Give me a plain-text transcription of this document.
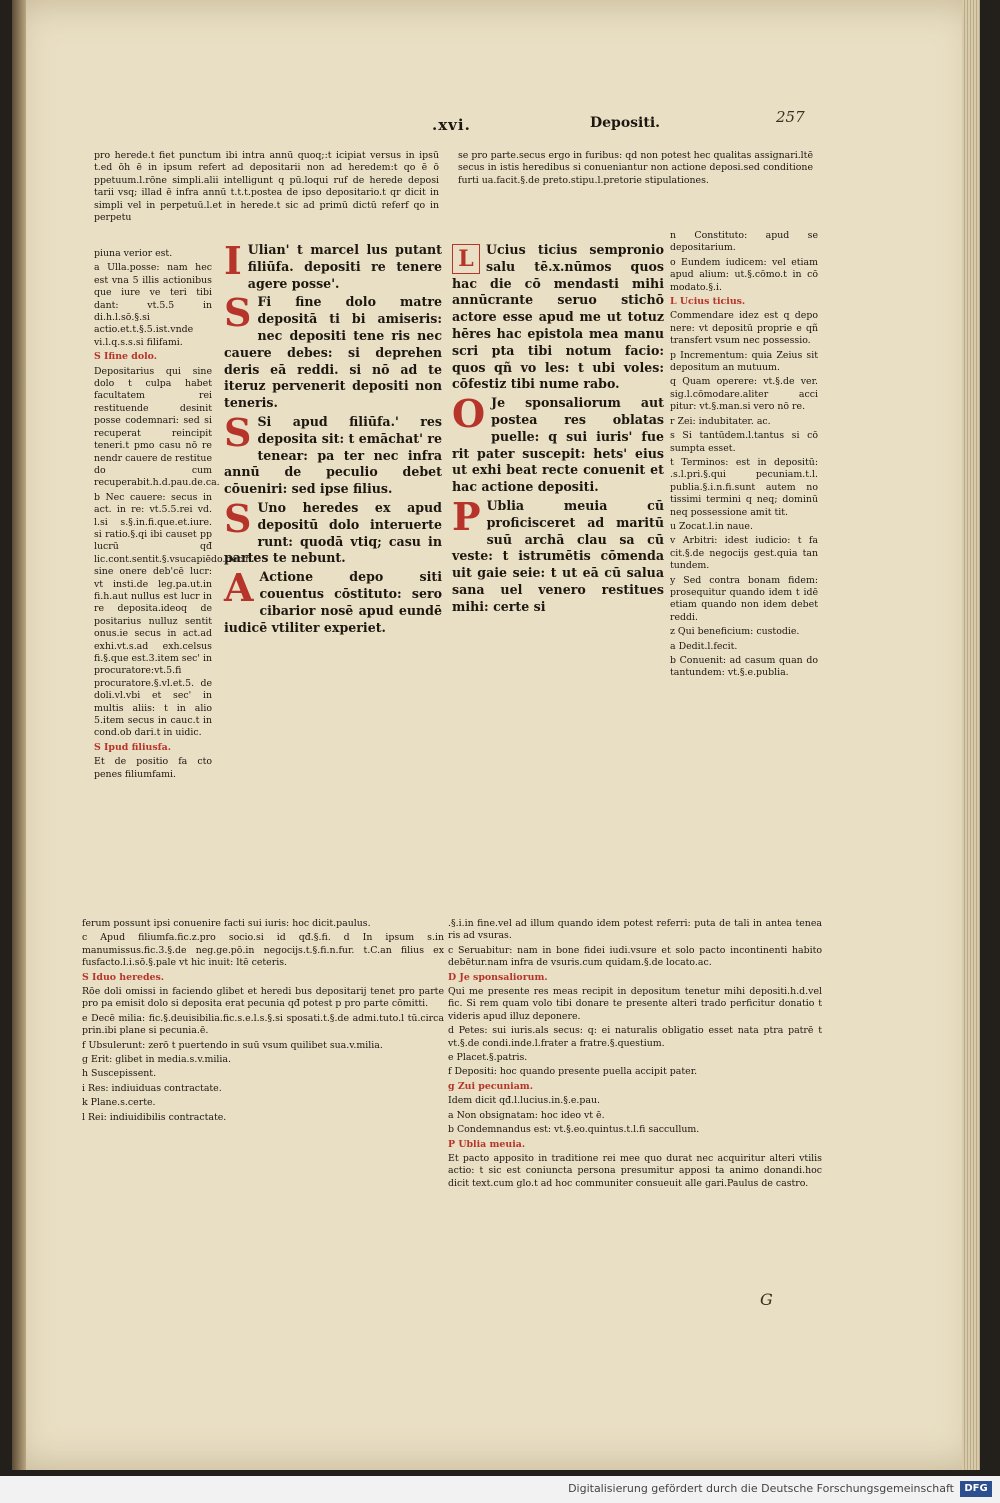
.xvi.	Depositi.	257

pro herede.t fiet punctum ibi intra annū quoq;:t icipiat versus in ipsū t.ed ōh ē in ipsum refert ad depositarii non ad heredem:t qo ē ō ppetuum.l.rōne simpli.alii intelligunt q pū.loqui ruf de herede deposi tarii vsq; illad ē infra annū t.t.t.postea de ipso depositario.t qr dicit in simpli vel in perpetuū.l.et in herede.t sic ad primū dictū referf qo in perpetu

se pro parte.secus ergo in furibus: qd non potest hec qualitas assignari.ltē secus in istis heredibus si conueniantur non actione deposi.sed conditione furti ua.facit.§.de preto.stipu.l.pretorie stipulationes.

piuna verior est.

a Ulla.posse: nam hec est vna 5 illis actionibus que iure ve teri tibi dant: vt.5.5 in di.h.l.sō.§.si actio.et.t.§.5.ist.vnde vi.l.q.s.s.si filifami.

S Ifine dolo.

Depositarius qui sine dolo t culpa habet facultatem rei restituende desinit posse codemnari: sed si recuperat reincipit teneri.t pmo casu nō re nendr cauere de restitue do cum recuperabit.h.d.pau.de.ca.

b Nec cauere: secus in act. in re: vt.5.5.rei vd. l.si s.§.in.fi.que.et.iure. si ratio.§.qi ibi causet pp lucrū qđ lic.cont.sentit.§.vsucapiēdo.nec.n. sine onere deb'cē lucr: vt insti.de leg.pa.ut.in fi.h.aut nullus est lucr in re deposita.ideoq de positarius nulluz sentit onus.ie secus in act.ad exhi.vt.s.ad exh.celsus fi.§.que est.3.item sec' in procuratore:vt.5.fi procuratore.§.vl.et.5. de doli.vl.vbi et sec' in multis aliis: t in alio 5.item secus in cauc.t in cond.ob dari.t in uidic.

S Ipud filiusfa.

Et de positio fa cto penes filiumfami.

I Ulian' t marcel lus putant filiūfa. depositi re tenere agere posse'.

S Fi fine dolo matre depositā ti bi amiseris: nec depositi tene ris nec cauere debes: si deprehen deris eā reddi. si nō ad te iteruz pervenerit depositi non teneris.

S Si apud filiūfa.' res deposita sit: t emāchat' re tenear: pa ter nec infra annū de peculio debet cōueniri: sed ipse filius.

S Uno heredes ex apud depositū dolo interuerte runt: quodā vtiq; casu in partes te nebunt.

A Actione depo siti couentus cōstituto: sero cibarior nosē apud eundē iudicē vtiliter experiet.

L Ucius ticius sempronio salu tē.x.nūmos quos hac die cō mendasti mihi annūcrante seruo stichō actore esse apud me ut totuz hēres hac epistola mea manu scri pta tibi notum facio: quos qñ vo les: t ubi voles: cōfestiz tibi nume rabo.

O Je sponsaliorum aut postea res oblatas puelle: q sui iuris' fue rit pater suscepit: hets' eius ut exhi beat recte conuenit et hac actione depositi.

P Ublia meuia cū proficisceret ad maritū suū archā clau sa cū veste: t istrumētis cōmenda uit gaie seie: t ut eā cū salua sana uel venero restitues mihi: certe si

n Constituto: apud se depositarium.

o Eundem iudicem: vel etiam apud alium: ut.§.cōmo.t in cō modato.§.i.

L Ucius ticius.

Commendare idez est q depo nere: vt depositū proprie e qñ transfert vsum nec possessio.

p Incrementum: quia Zeius sit depositum an mutuum.

q Quam operere: vt.§.de ver. sig.l.cōmodare.aliter acci pitur: vt.§.man.si vero nō re.

r Zei: indubitater. ac.

s Si tantūdem.l.tantus si cō sumpta esset.

t Terminos: est in depositū: .s.l.pri.§.qui pecuniam.t.l. publia.§.i.n.fi.sunt autem no tissimi termini q neq; dominū neq possessione amit tit.

u Zocat.l.in naue.

v Arbitri: idest iudicio: t fa cit.§.de negocijs gest.quia tan tundem.

y Sed contra bonam fidem: prosequitur quando idem t idē etiam quando non idem debet reddi.

z Qui beneficium: custodie.

a Dedit.l.fecit.

b Conuenit: ad casum quan do tantundem: vt.§.e.publia.

ferum possunt ipsi conuenire facti sui iuris: hoc dicit.paulus.

c Apud filiumfa.fic.z.pro socio.si id qđ.§.fi. d In ipsum s.in manumissus.fic.3.§.de neg.ge.pō.in negocijs.t.§.fi.n.fur. t.C.an filius ex fusfacto.l.i.sō.§.pale vt hic inuit: ltē ceteris.

S Iduo heredes.

Rōe doli omissi in faciendo glibet et heredi bus depositarij tenet pro parte pro pa emisit dolo si deposita erat pecunia qđ potest p pro parte cōmitti.

e Decē milia: fic.§.deuisibilia.fic.s.e.l.s.§.si sposati.t.§.de admi.tuto.l tū.circa prin.ibi plane si pecunia.ē.

f Ubsulerunt: zerō t puertendo in suū vsum quilibet sua.v.milia.

g Erit: glibet in media.s.v.milia.

h Suscepissent.

i Res: indiuiduas contractate.

k Plane.s.certe.

l Rei: indiuidibilis contractate.

.§.i.in fine.vel ad illum quando idem potest referri: puta de tali in antea tenea ris ad vsuras.

c Seruabitur: nam in bone fidei iudi.vsure et solo pacto incontinenti habito debētur.nam infra de vsuris.cum quidam.§.de locato.ac.

D Je sponsaliorum.

Qui me presente res meas recipit in depositum tenetur mihi depositi.h.d.vel fic. Si rem quam volo tibi donare te presente alteri trado perficitur donatio t videris apud illuz deponere.

d Petes: sui iuris.als secus: q: ei naturalis obligatio esset nata ptra patrē t vt.§.de condi.inde.l.frater a fratre.§.questium.

e Placet.§.patris.

f Depositi: hoc quando presente puella accipit pater.

g Zui pecuniam.

Idem dicit qđ.l.lucius.in.§.e.pau.

a Non obsignatam: hoc ideo vt ē.

b Condemnandus est: vt.§.eo.quintus.t.l.fi saccullum.

P Ublia meuia.

Et pacto apposito in traditione rei mee quo durat nec acquiritur alteri vtilis actio: t sic est coniuncta persona presumitur apposi ta animo donandi.hoc dicit text.cum glo.t ad hoc communiter consueuit alle gari.Paulus de castro.

G
Digitalisierung gefördert durch die Deutsche Forschungsgemeinschaft	DFG
